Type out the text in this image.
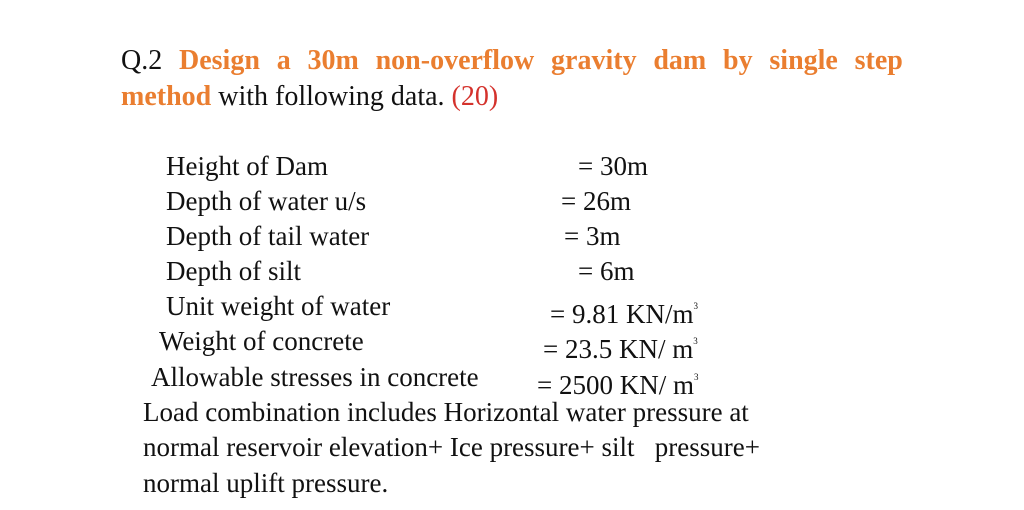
Q.2 Design a 30m non-overflow gravity dam by single step
method with following data. (20)
Height of Dam	= 30m
Depth of water u/s	= 26m
Depth of tail water	= 3m
Depth of silt	= 6m
Unit weight of water	= 9.81 $KN/m^3$
Weight of concrete	= 23.5 KN/ $m^3$
Allowable stresses in concrete = 2500 KN/ $m^3$
Load combination includes Horizontal water pressure at
normal reservoir elevation+ Ice pressure+ silt   pressure+
normal uplift pressure.
